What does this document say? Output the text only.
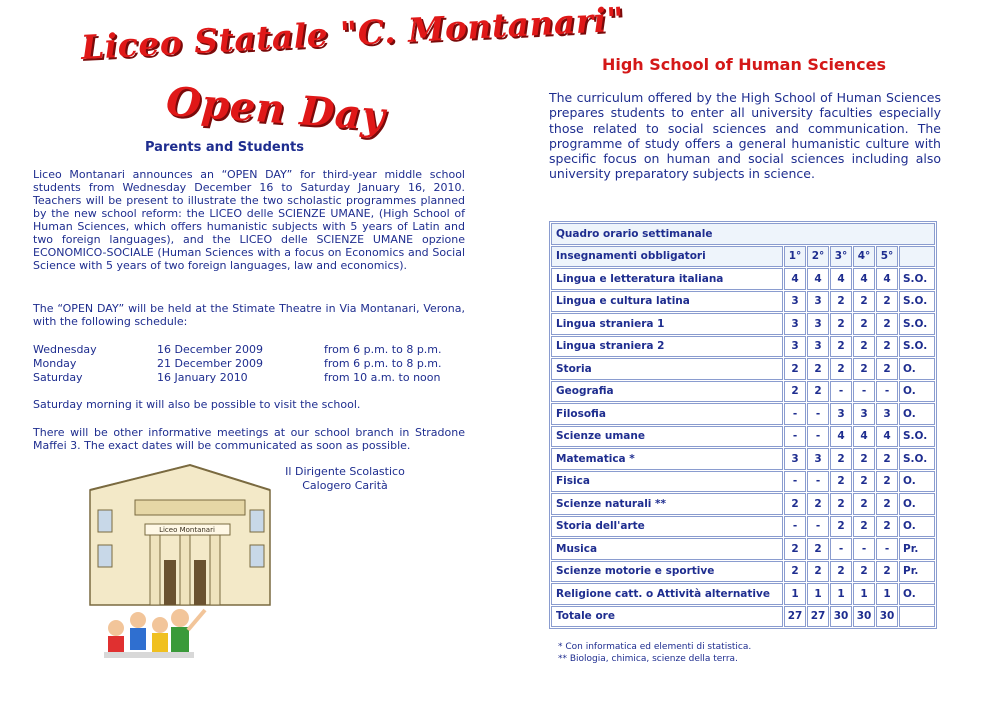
Liceo Statale "C. Montanari"
Open Day
Parents and Students
Liceo Montanari announces an “OPEN DAY” for third-year middle school students from Wednesday December 16 to Saturday January 16, 2010. Teachers will be present to illustrate the two scholastic programmes planned by the new school reform: the LICEO delle SCIENZE UMANE, (High School of Human Sciences, which offers humanistic subjects with 5 years of Latin and two foreign languages), and the LICEO delle SCIENZE UMANE opzione ECONOMICO-SOCIALE (Human Sciences with a focus on Economics and Social Science with 5 years of two foreign languages, law and economics).
The “OPEN DAY” will be held at the Stimate Theatre in Via Montanari, Verona, with the following schedule:
Wednesday	16 December 2009	from 6 p.m. to 8 p.m.
Monday	21 December 2009	from 6 p.m. to 8 p.m.
Saturday	16 January 2010	from 10 a.m. to noon
Saturday morning it will also be possible to visit the school.
There will be other informative meetings at our school branch in Stradone Maffei 3. The exact dates will be communicated as soon as possible.
Il Dirigente Scolastico
Calogero Carità
Liceo Montanari
High School of Human Sciences
The curriculum offered by the High School of Human Sciences prepares students to enter all university faculties especially those related to social sciences and communication. The programme of study offers a general humanistic culture with specific focus on human and social sciences including also university preparatory subjects in science.
Quadro orario settimanale						
Insegnamenti obbligatori	1°	2°	3°	4°	5°	
Lingua e letteratura italiana	4	4	4	4	4	S.O.
Lingua e cultura latina	3	3	2	2	2	S.O.
Lingua straniera 1	3	3	2	2	2	S.O.
Lingua straniera 2	3	3	2	2	2	S.O.
Storia	2	2	2	2	2	O.
Geografia	2	2	-	-	-	O.
Filosofia	-	-	3	3	3	O.
Scienze umane	-	-	4	4	4	S.O.
Matematica *	3	3	2	2	2	S.O.
Fisica	-	-	2	2	2	O.
Scienze naturali **	2	2	2	2	2	O.
Storia dell'arte	-	-	2	2	2	O.
Musica	2	2	-	-	-	Pr.
Scienze motorie e sportive	2	2	2	2	2	Pr.
Religione catt. o Attività alternative	1	1	1	1	1	O.
Totale ore	27	27	30	30	30	
* Con informatica ed elementi di statistica.
** Biologia, chimica, scienze della terra.
